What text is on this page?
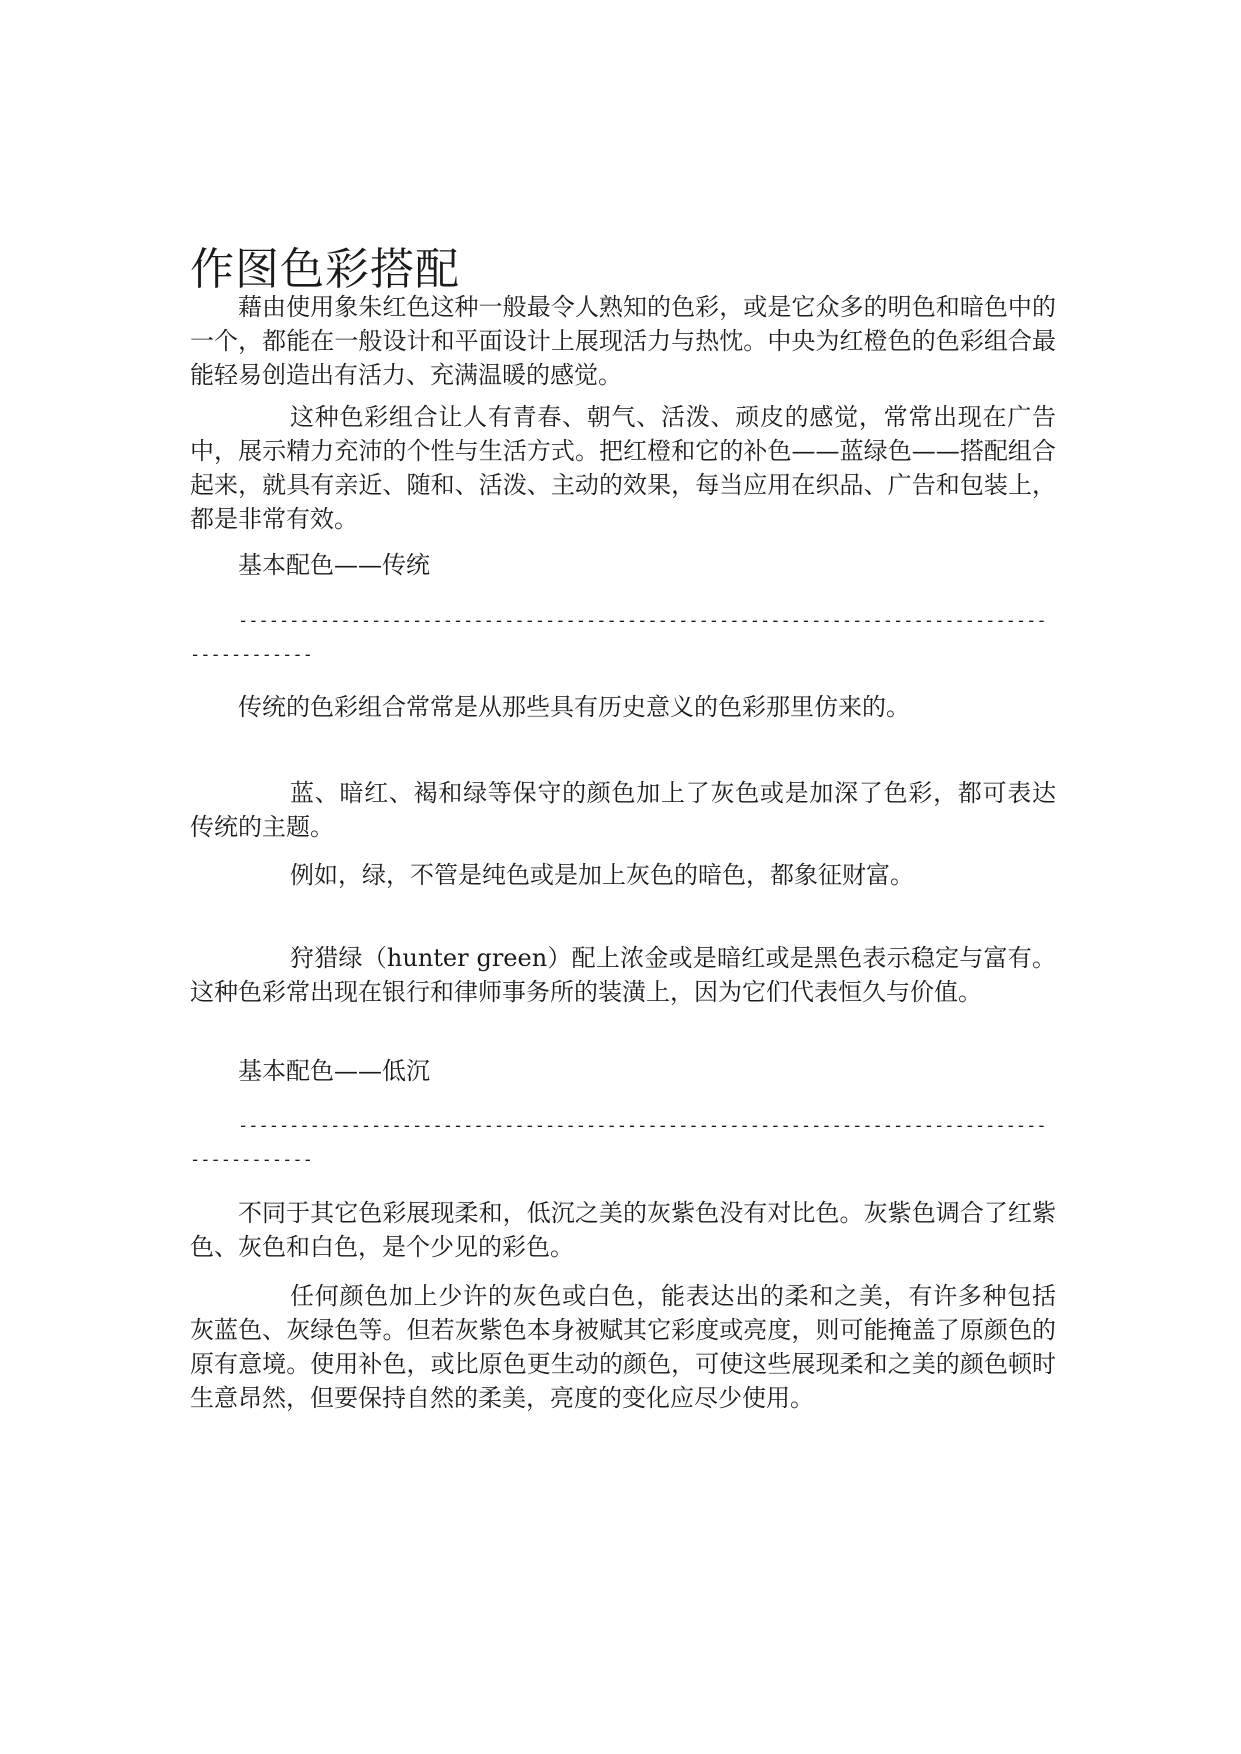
作图色彩搭配

藉由使用象朱红色这种一般最令人熟知的色彩，或是它众多的明色和暗色中的一个，都能在一般设计和平面设计上展现活力与热忱。中央为红橙色的色彩组合最能轻易创造出有活力、充满温暖的感觉。

这种色彩组合让人有青春、朝气、活泼、顽皮的感觉，常常出现在广告中，展示精力充沛的个性与生活方式。把红橙和它的补色——蓝绿色——搭配组合起来，就具有亲近、随和、活泼、主动的效果，每当应用在织品、广告和包装上，都是非常有效。

基本配色——传统

-------------------------------------------------------------------------------------------

传统的色彩组合常常是从那些具有历史意义的色彩那里仿来的。

蓝、暗红、褐和绿等保守的颜色加上了灰色或是加深了色彩，都可表达传统的主题。

例如，绿，不管是纯色或是加上灰色的暗色，都象征财富。

狩猎绿（hunter green）配上浓金或是暗红或是黑色表示稳定与富有。这种色彩常出现在银行和律师事务所的装潢上，因为它们代表恒久与价值。

基本配色——低沉

-------------------------------------------------------------------------------------------

不同于其它色彩展现柔和，低沉之美的灰紫色没有对比色。灰紫色调合了红紫色、灰色和白色，是个少见的彩色。

任何颜色加上少许的灰色或白色，能表达出的柔和之美，有许多种包括灰蓝色、灰绿色等。但若灰紫色本身被赋其它彩度或亮度，则可能掩盖了原颜色的原有意境。使用补色，或比原色更生动的颜色，可使这些展现柔和之美的颜色顿时生意昂然，但要保持自然的柔美，亮度的变化应尽少使用。
